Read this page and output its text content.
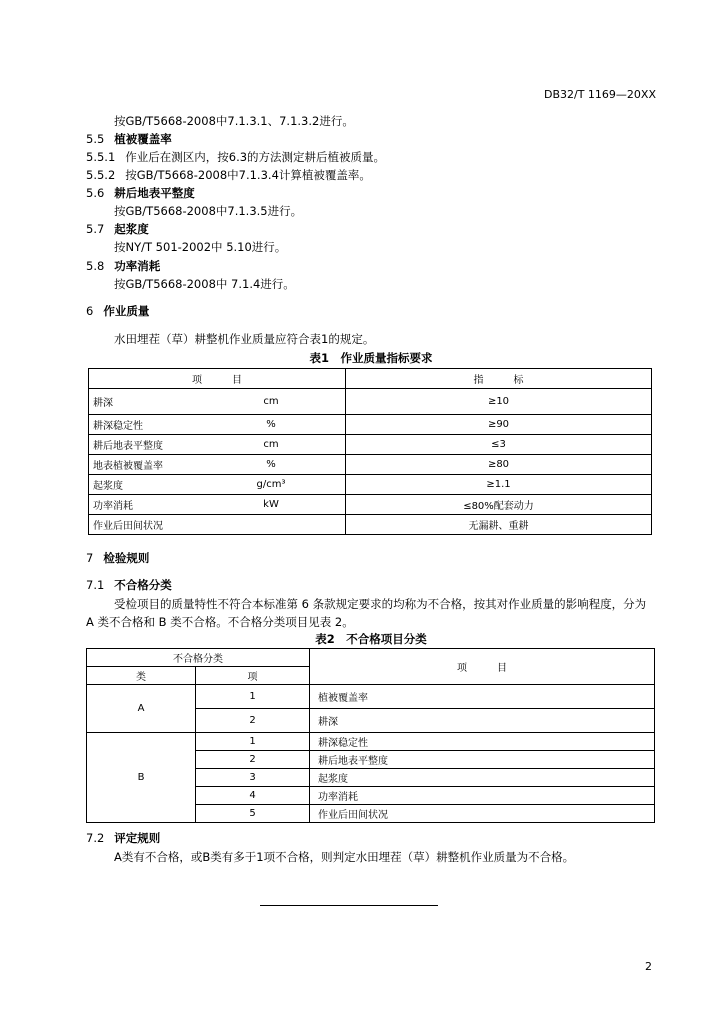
DB32/T 1169—20XX
按GB/T5668-2008中7.1.3.1、7.1.3.2进行。
5.5 植被覆盖率
5.5.1 作业后在测区内，按6.3的方法测定耕后植被质量。
5.5.2 按GB/T5668-2008中7.1.3.4计算植被覆盖率。
5.6 耕后地表平整度
按GB/T5668-2008中7.1.3.5进行。
5.7 起浆度
按NY/T 501-2002中 5.10进行。
5.8 功率消耗
按GB/T5668-2008中 7.1.4进行。
6 作业质量
水田埋茬（草）耕整机作业质量应符合表1的规定。
表1　作业质量指标要求
项　　　目		指　　　标
耕深	cm	≥10
耕深稳定性	%	≥90
耕后地表平整度	cm	≤3
地表植被覆盖率	%	≥80
起浆度	g/cm³	≥1.1
功率消耗	kW	≤80%配套动力
作业后田间状况		无漏耕、重耕
7 检验规则
7.1 不合格分类
受检项目的质量特性不符合本标准第 6 条款规定要求的均称为不合格，按其对作业质量的影响程度，分为 A 类不合格和 B 类不合格。不合格分类项目见表 2。
表2　不合格项目分类
不合格分类		项　　　目
类	项	
A	1	植被覆盖率
	2	耕深
B	1	耕深稳定性
	2	耕后地表平整度
	3	起浆度
	4	功率消耗
	5	作业后田间状况
7.2 评定规则
A类有不合格，或B类有多于1项不合格，则判定水田埋茬（草）耕整机作业质量为不合格。
2
